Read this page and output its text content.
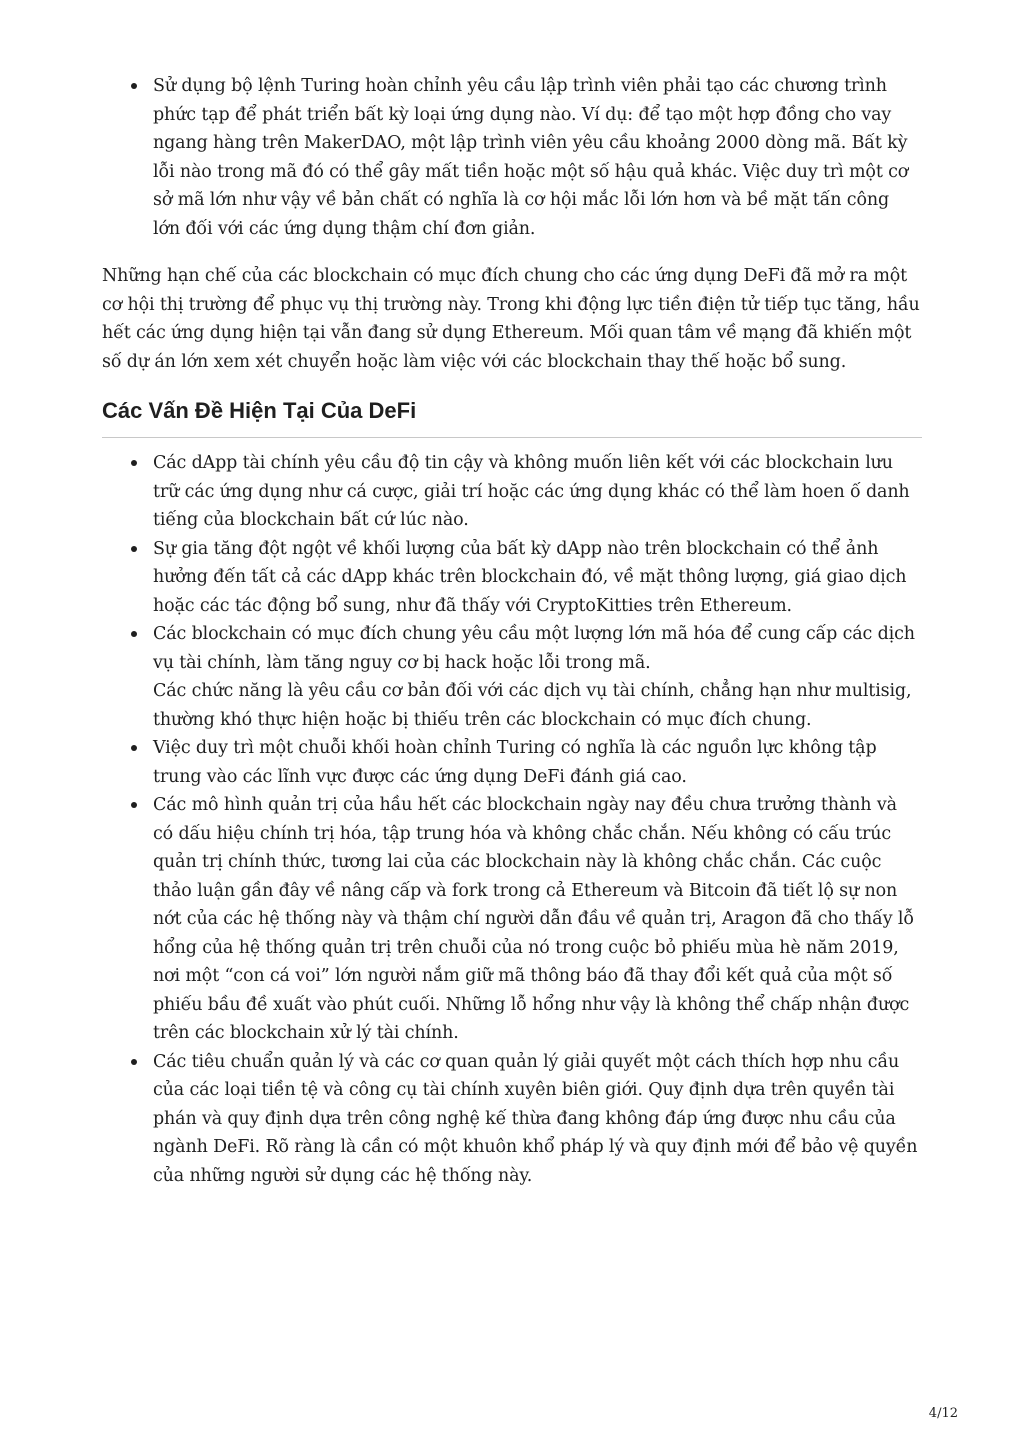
Sử dụng bộ lệnh Turing hoàn chỉnh yêu cầu lập trình viên phải tạo các chương trình phức tạp để phát triển bất kỳ loại ứng dụng nào. Ví dụ: để tạo một hợp đồng cho vay ngang hàng trên MakerDAO, một lập trình viên yêu cầu khoảng 2000 dòng mã. Bất kỳ lỗi nào trong mã đó có thể gây mất tiền hoặc một số hậu quả khác. Việc duy trì một cơ sở mã lớn như vậy về bản chất có nghĩa là cơ hội mắc lỗi lớn hơn và bề mặt tấn công lớn đối với các ứng dụng thậm chí đơn giản.

Những hạn chế của các blockchain có mục đích chung cho các ứng dụng DeFi đã mở ra một cơ hội thị trường để phục vụ thị trường này. Trong khi động lực tiền điện tử tiếp tục tăng, hầu hết các ứng dụng hiện tại vẫn đang sử dụng Ethereum. Mối quan tâm về mạng đã khiến một số dự án lớn xem xét chuyển hoặc làm việc với các blockchain thay thế hoặc bổ sung.

Các Vấn Đề Hiện Tại Của DeFi
Các dApp tài chính yêu cầu độ tin cậy và không muốn liên kết với các blockchain lưu trữ các ứng dụng như cá cược, giải trí hoặc các ứng dụng khác có thể làm hoen ố danh tiếng của blockchain bất cứ lúc nào.
Sự gia tăng đột ngột về khối lượng của bất kỳ dApp nào trên blockchain có thể ảnh hưởng đến tất cả các dApp khác trên blockchain đó, về mặt thông lượng, giá giao dịch hoặc các tác động bổ sung, như đã thấy với CryptoKitties trên Ethereum.
Các blockchain có mục đích chung yêu cầu một lượng lớn mã hóa để cung cấp các dịch vụ tài chính, làm tăng nguy cơ bị hack hoặc lỗi trong mã.
Các chức năng là yêu cầu cơ bản đối với các dịch vụ tài chính, chẳng hạn như multisig, thường khó thực hiện hoặc bị thiếu trên các blockchain có mục đích chung.
Việc duy trì một chuỗi khối hoàn chỉnh Turing có nghĩa là các nguồn lực không tập trung vào các lĩnh vực được các ứng dụng DeFi đánh giá cao.
Các mô hình quản trị của hầu hết các blockchain ngày nay đều chưa trưởng thành và có dấu hiệu chính trị hóa, tập trung hóa và không chắc chắn. Nếu không có cấu trúc quản trị chính thức, tương lai của các blockchain này là không chắc chắn. Các cuộc thảo luận gần đây về nâng cấp và fork trong cả Ethereum và Bitcoin đã tiết lộ sự non nớt của các hệ thống này và thậm chí người dẫn đầu về quản trị, Aragon đã cho thấy lỗ hổng của hệ thống quản trị trên chuỗi của nó trong cuộc bỏ phiếu mùa hè năm 2019, nơi một “con cá voi” lớn người nắm giữ mã thông báo đã thay đổi kết quả của một số phiếu bầu đề xuất vào phút cuối. Những lỗ hổng như vậy là không thể chấp nhận được trên các blockchain xử lý tài chính.
Các tiêu chuẩn quản lý và các cơ quan quản lý giải quyết một cách thích hợp nhu cầu của các loại tiền tệ và công cụ tài chính xuyên biên giới. Quy định dựa trên quyền tài phán và quy định dựa trên công nghệ kế thừa đang không đáp ứng được nhu cầu của ngành DeFi. Rõ ràng là cần có một khuôn khổ pháp lý và quy định mới để bảo vệ quyền của những người sử dụng các hệ thống này.
4/12
